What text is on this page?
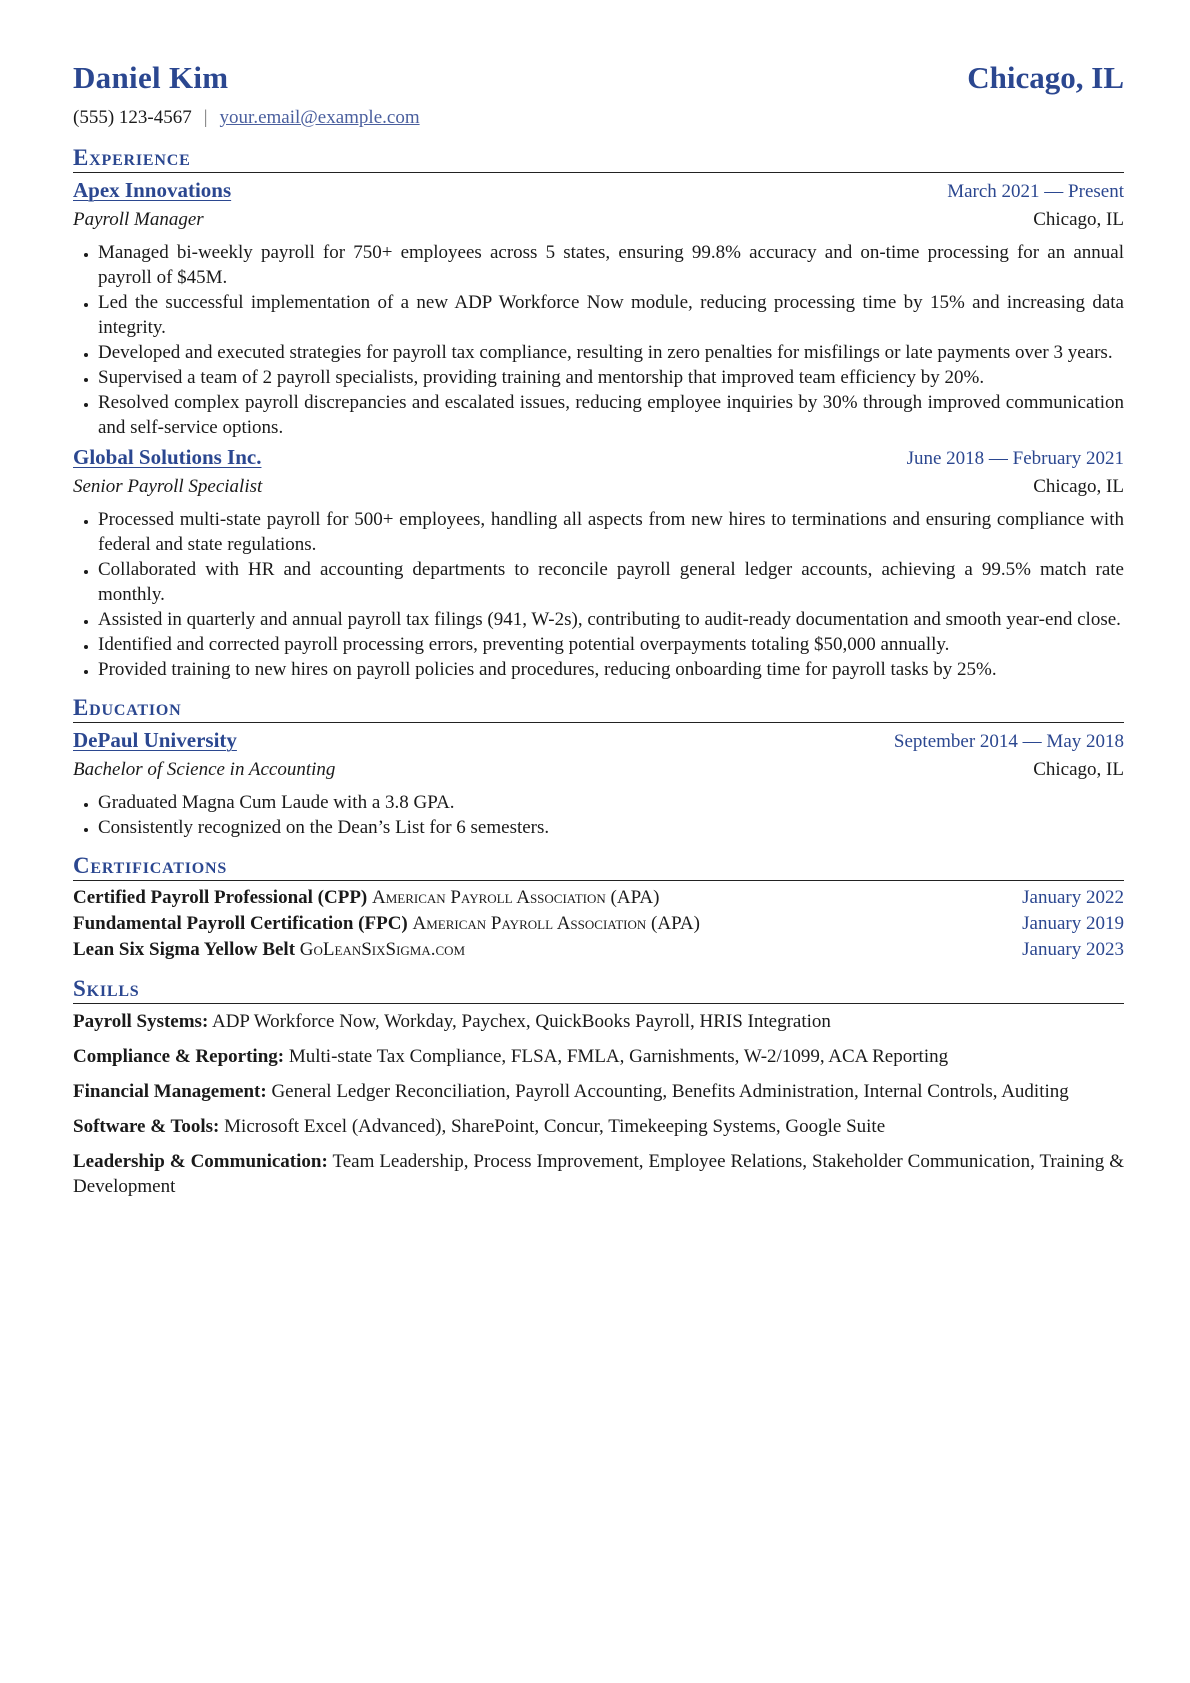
Daniel Kim	Chicago, IL
(555) 123-4567 | your.email@example.com
Experience
Apex Innovations	March 2021 — Present
Payroll Manager	Chicago, IL
• Managed bi-weekly payroll for 750+ employees across 5 states, ensuring 99.8% accuracy and on-time processing for an annual payroll of $45M.
• Led the successful implementation of a new ADP Workforce Now module, reducing processing time by 15% and increasing data integrity.
• Developed and executed strategies for payroll tax compliance, resulting in zero penalties for misfilings or late payments over 3 years.
• Supervised a team of 2 payroll specialists, providing training and mentorship that improved team efficiency by 20%.
• Resolved complex payroll discrepancies and escalated issues, reducing employee inquiries by 30% through improved communication and self-service options.
Global Solutions Inc.	June 2018 — February 2021
Senior Payroll Specialist	Chicago, IL
• Processed multi-state payroll for 500+ employees, handling all aspects from new hires to terminations and ensuring compliance with federal and state regulations.
• Collaborated with HR and accounting departments to reconcile payroll general ledger accounts, achieving a 99.5% match rate monthly.
• Assisted in quarterly and annual payroll tax filings (941, W-2s), contributing to audit-ready documentation and smooth year-end close.
• Identified and corrected payroll processing errors, preventing potential overpayments totaling $50,000 annually.
• Provided training to new hires on payroll policies and procedures, reducing onboarding time for payroll tasks by 25%.
Education
DePaul University	September 2014 — May 2018
Bachelor of Science in Accounting	Chicago, IL
• Graduated Magna Cum Laude with a 3.8 GPA.
• Consistently recognized on the Dean’s List for 6 semesters.
Certifications
Certified Payroll Professional (CPP) American Payroll Association (APA)	January 2022
Fundamental Payroll Certification (FPC) American Payroll Association (APA)	January 2019
Lean Six Sigma Yellow Belt GoLeanSixSigma.com	January 2023
Skills
Payroll Systems: ADP Workforce Now, Workday, Paychex, QuickBooks Payroll, HRIS Integration
Compliance & Reporting: Multi-state Tax Compliance, FLSA, FMLA, Garnishments, W-2/1099, ACA Reporting
Financial Management: General Ledger Reconciliation, Payroll Accounting, Benefits Administration, Internal Controls, Auditing
Software & Tools: Microsoft Excel (Advanced), SharePoint, Concur, Timekeeping Systems, Google Suite
Leadership & Communication: Team Leadership, Process Improvement, Employee Relations, Stakeholder Communication, Training & Development
